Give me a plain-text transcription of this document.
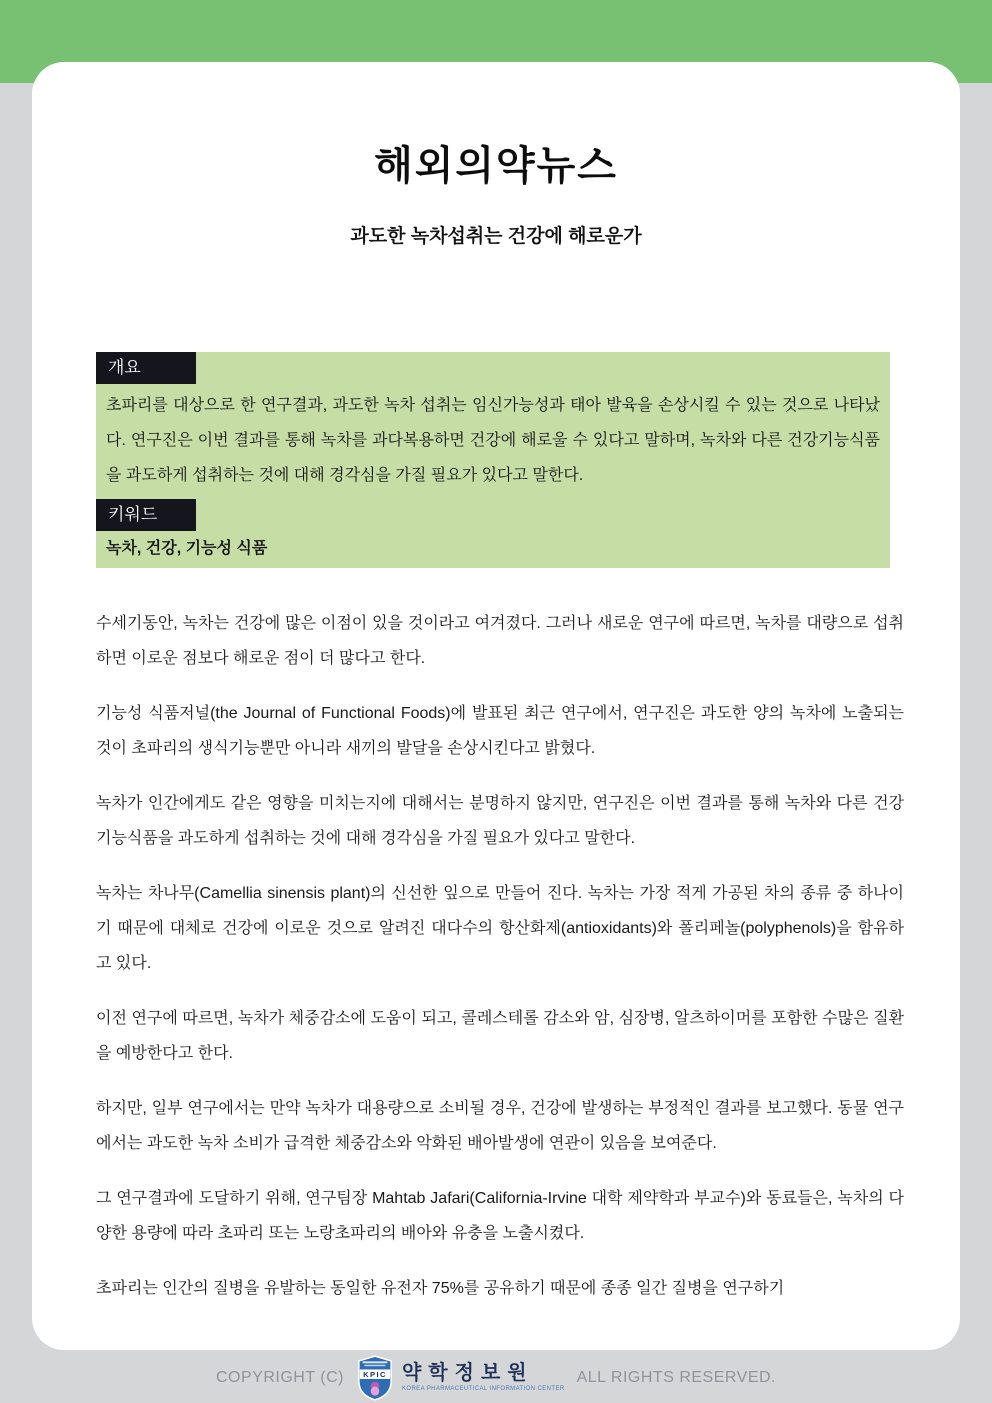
해외의약뉴스
과도한 녹차섭취는 건강에 해로운가
개요
초파리를 대상으로 한 연구결과, 과도한 녹차 섭취는 임신가능성과 태아 발육을 손상시킬 수 있는 것으로 나타났다. 연구진은 이번 결과를 통해 녹차를 과다복용하면 건강에 해로울 수 있다고 말하며, 녹차와 다른 건강기능식품을 과도하게 섭취하는 것에 대해 경각심을 가질 필요가 있다고 말한다.
키워드
녹차, 건강, 기능성 식품

수세기동안, 녹차는 건강에 많은 이점이 있을 것이라고 여겨졌다. 그러나 새로운 연구에 따르면, 녹차를 대량으로 섭취하면 이로운 점보다 해로운 점이 더 많다고 한다.

기능성 식품저널(the Journal of Functional Foods)에 발표된 최근 연구에서, 연구진은 과도한 양의 녹차에 노출되는 것이 초파리의 생식기능뿐만 아니라 새끼의 발달을 손상시킨다고 밝혔다.

녹차가 인간에게도 같은 영향을 미치는지에 대해서는 분명하지 않지만, 연구진은 이번 결과를 통해 녹차와 다른 건강기능식품을 과도하게 섭취하는 것에 대해 경각심을 가질 필요가 있다고 말한다.

녹차는 차나무(Camellia sinensis plant)의 신선한 잎으로 만들어 진다. 녹차는 가장 적게 가공된 차의 종류 중 하나이기 때문에 대체로 건강에 이로운 것으로 알려진 대다수의 항산화제(antioxidants)와 폴리페놀(polyphenols)을 함유하고 있다.

이전 연구에 따르면, 녹차가 체중감소에 도움이 되고, 콜레스테롤 감소와 암, 심장병, 알츠하이머를 포함한 수많은 질환을 예방한다고 한다.

하지만, 일부 연구에서는 만약 녹차가 대용량으로 소비될 경우, 건강에 발생하는 부정적인 결과를 보고했다. 동물 연구에서는 과도한 녹차 소비가 급격한 체중감소와 악화된 배아발생에 연관이 있음을 보여준다.

그 연구결과에 도달하기 위해, 연구팀장 Mahtab Jafari(California-Irvine 대학 제약학과 부교수)와 동료들은, 녹차의 다양한 용량에 따라 초파리 또는 노랑초파리의 배아와 유충을 노출시켰다.

초파리는 인간의 질병을 유발하는 동일한 유전자 75%를 공유하기 때문에 종종 일간 질병을 연구하기

COPYRIGHT (C) KPIC 약학정보원
KOREA PHARMACEUTICAL INFORMATION CENTER
ALL RIGHTS RESERVED.
